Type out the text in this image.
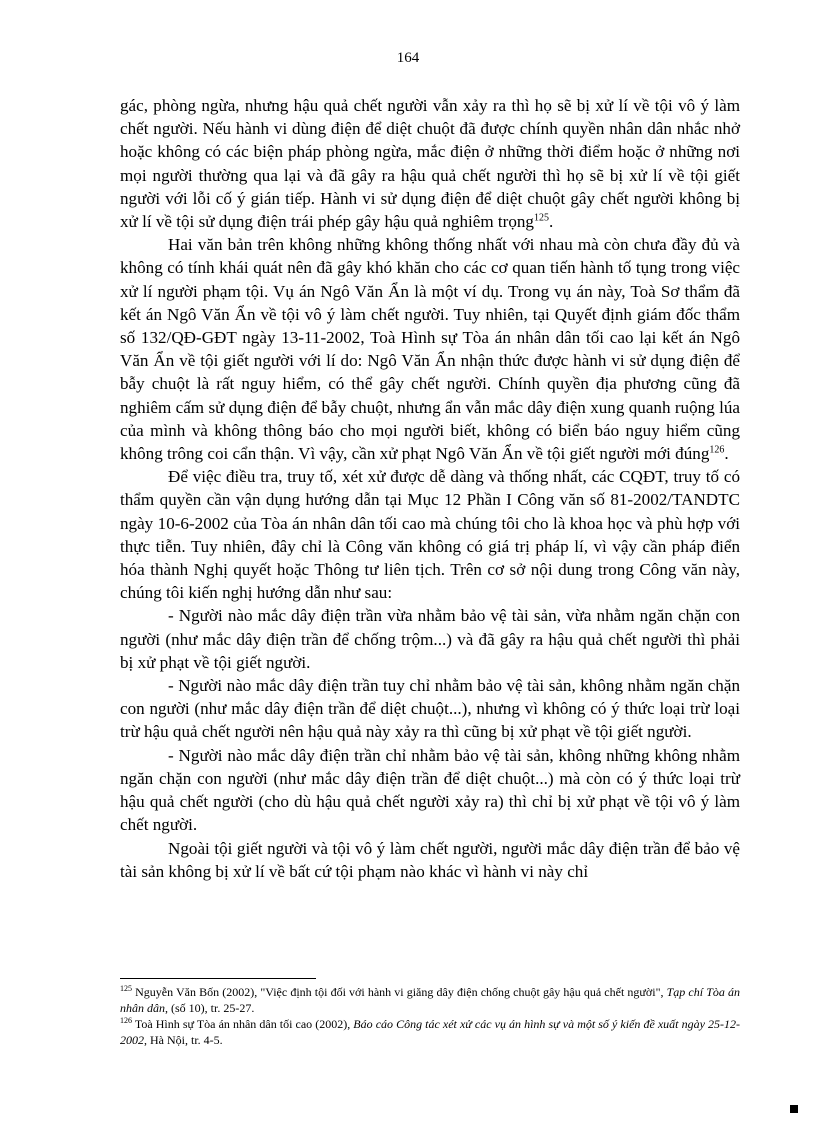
164

gác, phòng ngừa, nhưng hậu quả chết người vẫn xảy ra thì họ sẽ bị xử lí về tội vô ý làm chết người. Nếu hành vi dùng điện để diệt chuột đã được chính quyền nhân dân nhắc nhở hoặc không có các biện pháp phòng ngừa, mắc điện ở những thời điểm hoặc ở những nơi mọi người thường qua lại và đã gây ra hậu quả chết người thì họ sẽ bị xử lí về tội giết người với lỗi cố ý gián tiếp. Hành vi sử dụng điện để diệt chuột gây chết người không bị xử lí về tội sử dụng điện trái phép gây hậu quả nghiêm trọng$^{125}$.

Hai văn bản trên không những không thống nhất với nhau mà còn chưa đầy đủ và không có tính khái quát nên đã gây khó khăn cho các cơ quan tiến hành tố tụng trong việc xử lí người phạm tội. Vụ án Ngô Văn Ẩn là một ví dụ. Trong vụ án này, Toà Sơ thẩm đã kết án Ngô Văn Ẩn về tội vô ý làm chết người. Tuy nhiên, tại Quyết định giám đốc thẩm số 132/QĐ-GĐT ngày 13-11-2002, Toà Hình sự Tòa án nhân dân tối cao lại kết án Ngô Văn Ẩn về tội giết người với lí do: Ngô Văn Ẩn nhận thức được hành vi sử dụng điện để bẫy chuột là rất nguy hiểm, có thể gây chết người. Chính quyền địa phương cũng đã nghiêm cấm sử dụng điện để bẫy chuột, nhưng ẩn vẫn mắc dây điện xung quanh ruộng lúa của mình và không thông báo cho mọi người biết, không có biển báo nguy hiểm cũng không trông coi cẩn thận. Vì vậy, cần xử phạt Ngô Văn Ẩn về tội giết người mới đúng$^{126}$.

Để việc điều tra, truy tố, xét xử được dễ dàng và thống nhất, các CQĐT, truy tố có thẩm quyền cần vận dụng hướng dẫn tại Mục 12 Phần I Công văn số 81-2002/TANDTC ngày 10-6-2002 của Tòa án nhân dân tối cao mà chúng tôi cho là khoa học và phù hợp với thực tiễn. Tuy nhiên, đây chỉ là Công văn không có giá trị pháp lí, vì vậy cần pháp điển hóa thành Nghị quyết hoặc Thông tư liên tịch. Trên cơ sở nội dung trong Công văn này, chúng tôi kiến nghị hướng dẫn như sau:

- Người nào mắc dây điện trần vừa nhằm bảo vệ tài sản, vừa nhằm ngăn chặn con người (như mắc dây điện trần để chống trộm...) và đã gây ra hậu quả chết người thì phải bị xử phạt về tội giết người.

- Người nào mắc dây điện trần tuy chỉ nhằm bảo vệ tài sản, không nhằm ngăn chặn con người (như mắc dây điện trần để diệt chuột...), nhưng vì không có ý thức loại trừ loại trừ hậu quả chết người nên hậu quả này xảy ra thì cũng bị xử phạt về tội giết người.

- Người nào mắc dây điện trần chỉ nhằm bảo vệ tài sản, không những không nhằm ngăn chặn con người (như mắc dây điện trần để diệt chuột...) mà còn có ý thức loại trừ hậu quả chết người (cho dù hậu quả chết người xảy ra) thì chỉ bị xử phạt về tội vô ý làm chết người.

Ngoài tội giết người và tội vô ý làm chết người, người mắc dây điện trần để bảo vệ tài sản không bị xử lí về bất cứ tội phạm nào khác vì hành vi này chỉ

$^{125}$ Nguyễn Văn Bốn (2002), "Việc định tội đối với hành vi giăng dây điện chống chuột gây hậu quả chết người", Tạp chí Tòa án nhân dân, (số 10), tr. 25-27.

$^{126}$ Toà Hình sự Tòa án nhân dân tối cao (2002), Báo cáo Công tác xét xử các vụ án hình sự và một số ý kiến đề xuất ngày 25-12-2002, Hà Nội, tr. 4-5.
